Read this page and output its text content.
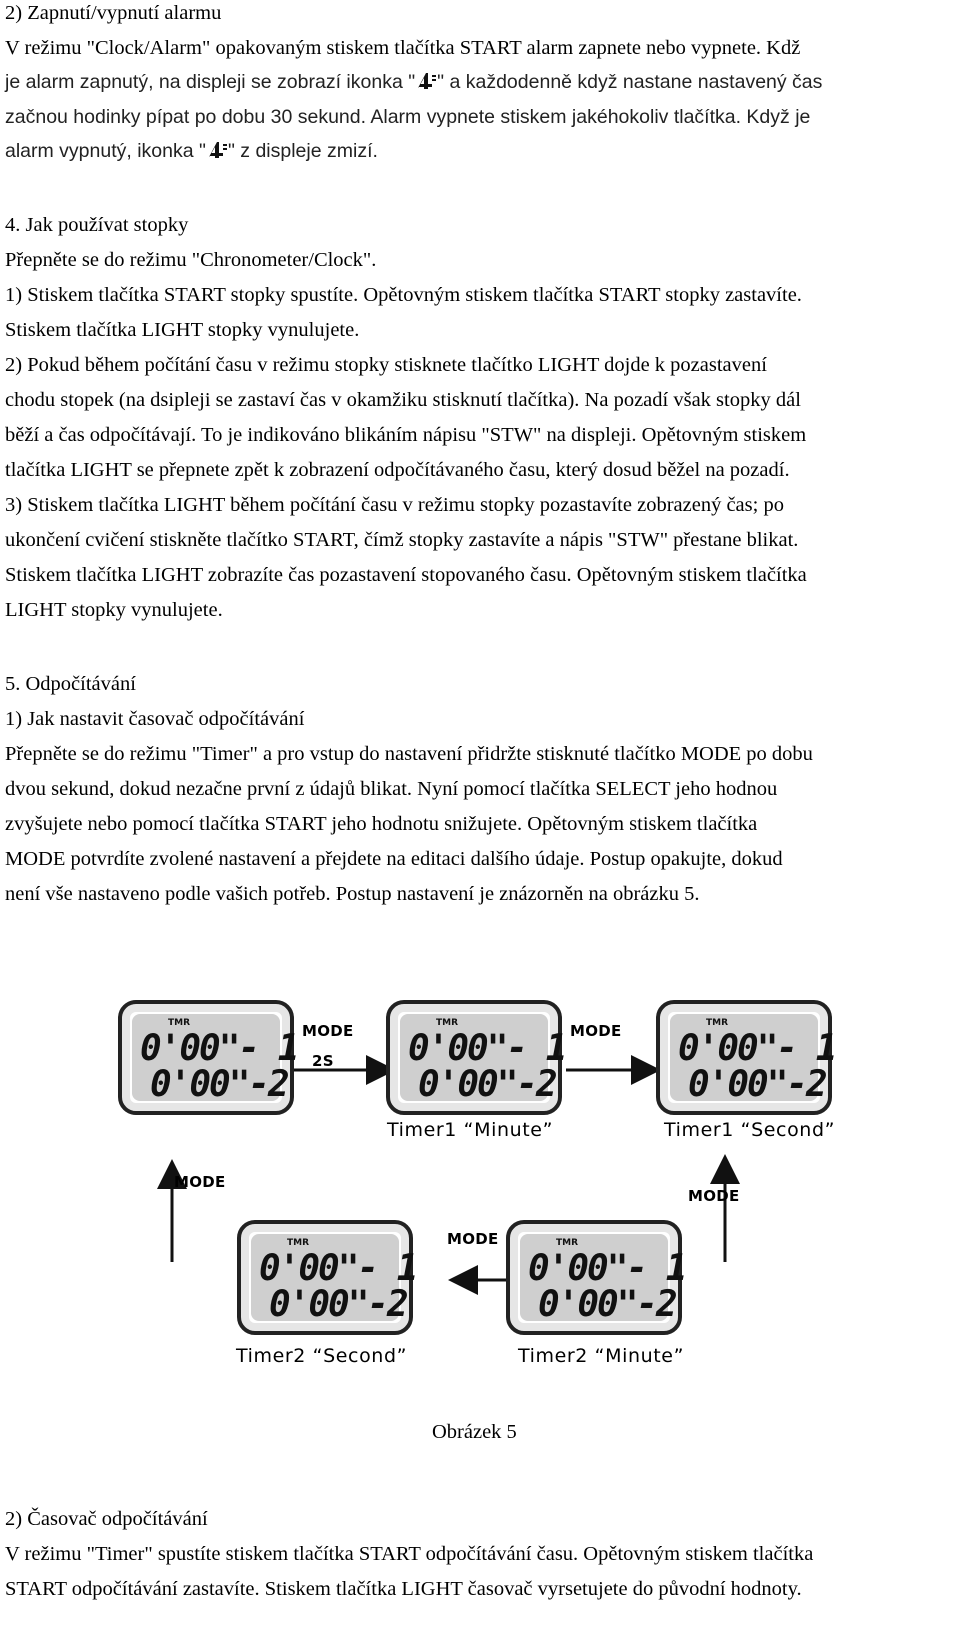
2) Zapnutí/vypnutí alarmu
V režimu "Clock/Alarm" opakovaným stiskem tlačítka START alarm zapnete nebo vypnete. Kdž
je alarm zapnutý, na displeji se zobrazí ikonka " " a každodenně když nastane nastavený čas
začnou hodinky pípat po dobu 30 sekund. Alarm vypnete stiskem jakéhokoliv tlačítka. Když je
alarm vypnutý, ikonka " " z displeje zmizí.
4. Jak používat stopky
Přepněte se do režimu "Chronometer/Clock".
1) Stiskem tlačítka START stopky spustíte. Opětovným stiskem tlačítka START stopky zastavíte.
Stiskem tlačítka LIGHT stopky vynulujete.
2) Pokud během počítání času v režimu stopky stisknete tlačítko LIGHT dojde k pozastavení
chodu stopek (na dsipleji se zastaví čas v okamžiku stisknutí tlačítka). Na pozadí však stopky dál
běží a čas odpočítávají. To je indikováno blikáním nápisu "STW" na displeji. Opětovným stiskem
tlačítka LIGHT se přepnete zpět k zobrazení odpočítávaného času, který dosud běžel na pozadí.
3) Stiskem tlačítka LIGHT během počítání času v režimu stopky pozastavíte zobrazený čas; po
ukončení cvičení stiskněte tlačítko START, čímž stopky zastavíte a nápis "STW" přestane blikat.
Stiskem tlačítka LIGHT zobrazíte čas pozastavení stopovaného času. Opětovným stiskem tlačítka
LIGHT stopky vynulujete.
5. Odpočítávání
1) Jak nastavit časovač odpočítávání
Přepněte se do režimu "Timer" a pro vstup do nastavení přidržte stisknuté tlačítko MODE po dobu
dvou sekund, dokud nezačne první z údajů blikat. Nyní pomocí tlačítka SELECT jeho hodnou
zvyšujete nebo pomocí tlačítka START jeho hodnotu snižujete. Opětovným stiskem tlačítka
MODE potvrdíte zvolené nastavení a přejdete na editaci dalšího údaje. Postup opakujte, dokud
není vše nastaveno podle vašich potřeb. Postup nastavení je znázorněn na obrázku 5.
TMR
0'00"- 1
0'00"-2
TMR
0'00"- 1
0'00"-2
TMR
0'00"- 1
0'00"-2
TMR
0'00"- 1
0'00"-2
TMR
0'00"- 1
0'00"-2
MODE
2S
MODE
MODE
MODE
MODE
Timer1 “Minute”	Timer1 “Second”
Timer2 “Second”	Timer2 “Minute”
Obrázek 5
2) Časovač odpočítávání
V režimu "Timer" spustíte stiskem tlačítka START odpočítávání času. Opětovným stiskem tlačítka
START odpočítávání zastavíte. Stiskem tlačítka LIGHT časovač vyrsetujete do původní hodnoty.
